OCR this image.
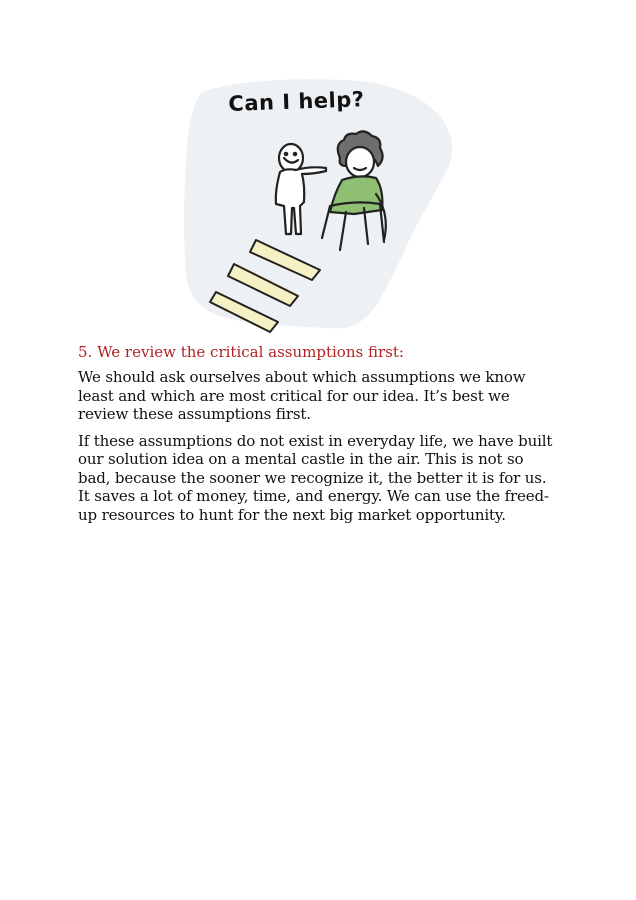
Can I help?
5. We review the critical assumptions first:

We should ask ourselves about which assumptions we know least and which are most critical for our idea. It’s best we review these assumptions first.

If these assumptions do not exist in everyday life, we have built our solution idea on a mental castle in the air. This is not so bad, because the sooner we recognize it, the better it is for us. It saves a lot of money, time, and energy. We can use the freed-up resources to hunt for the next big market opportunity.
